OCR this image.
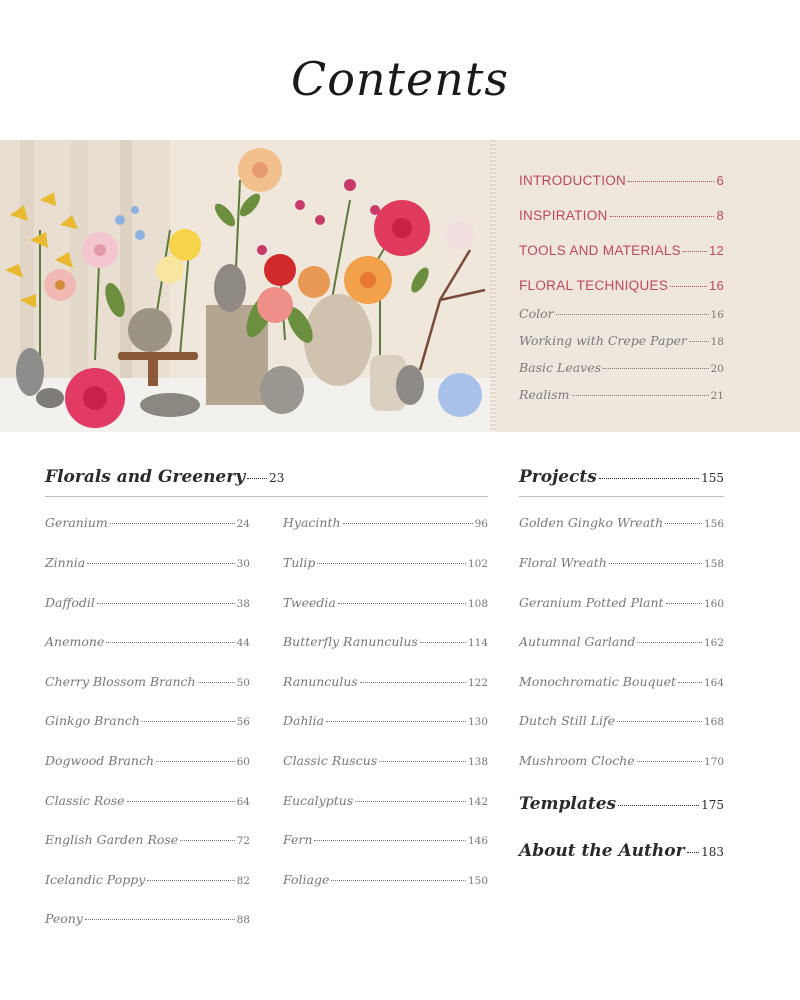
Contents
INTRODUCTION	6
INSPIRATION	8
TOOLS AND MATERIALS 12
FLORAL TECHNIQUES	16
Color	16
Working with Crepe Paper 18
Basic Leaves	20
Realism	21
Florals and Greenery 23	Projects	155
Geranium	24
Zinnia	30
Daffodil	38
Anemone	44
Cherry Blossom Branch	50
Ginkgo Branch	56
Dogwood Branch	60
Classic Rose	64
English Garden Rose	72
Icelandic Poppy	82
Peony	88
Hyacinth	96
Tulip	102
Tweedia	108
Butterfly Ranunculus	114
Ranunculus	122
Dahlia	130
Classic Ruscus	138
Eucalyptus	142
Fern	146
Foliage	150
Golden Gingko Wreath	156
Floral Wreath	158
Geranium Potted Plant	160
Autumnal Garland	162
Monochromatic Bouquet	164
Dutch Still Life	168
Mushroom Cloche	170
Templates	175
About the Author 183
